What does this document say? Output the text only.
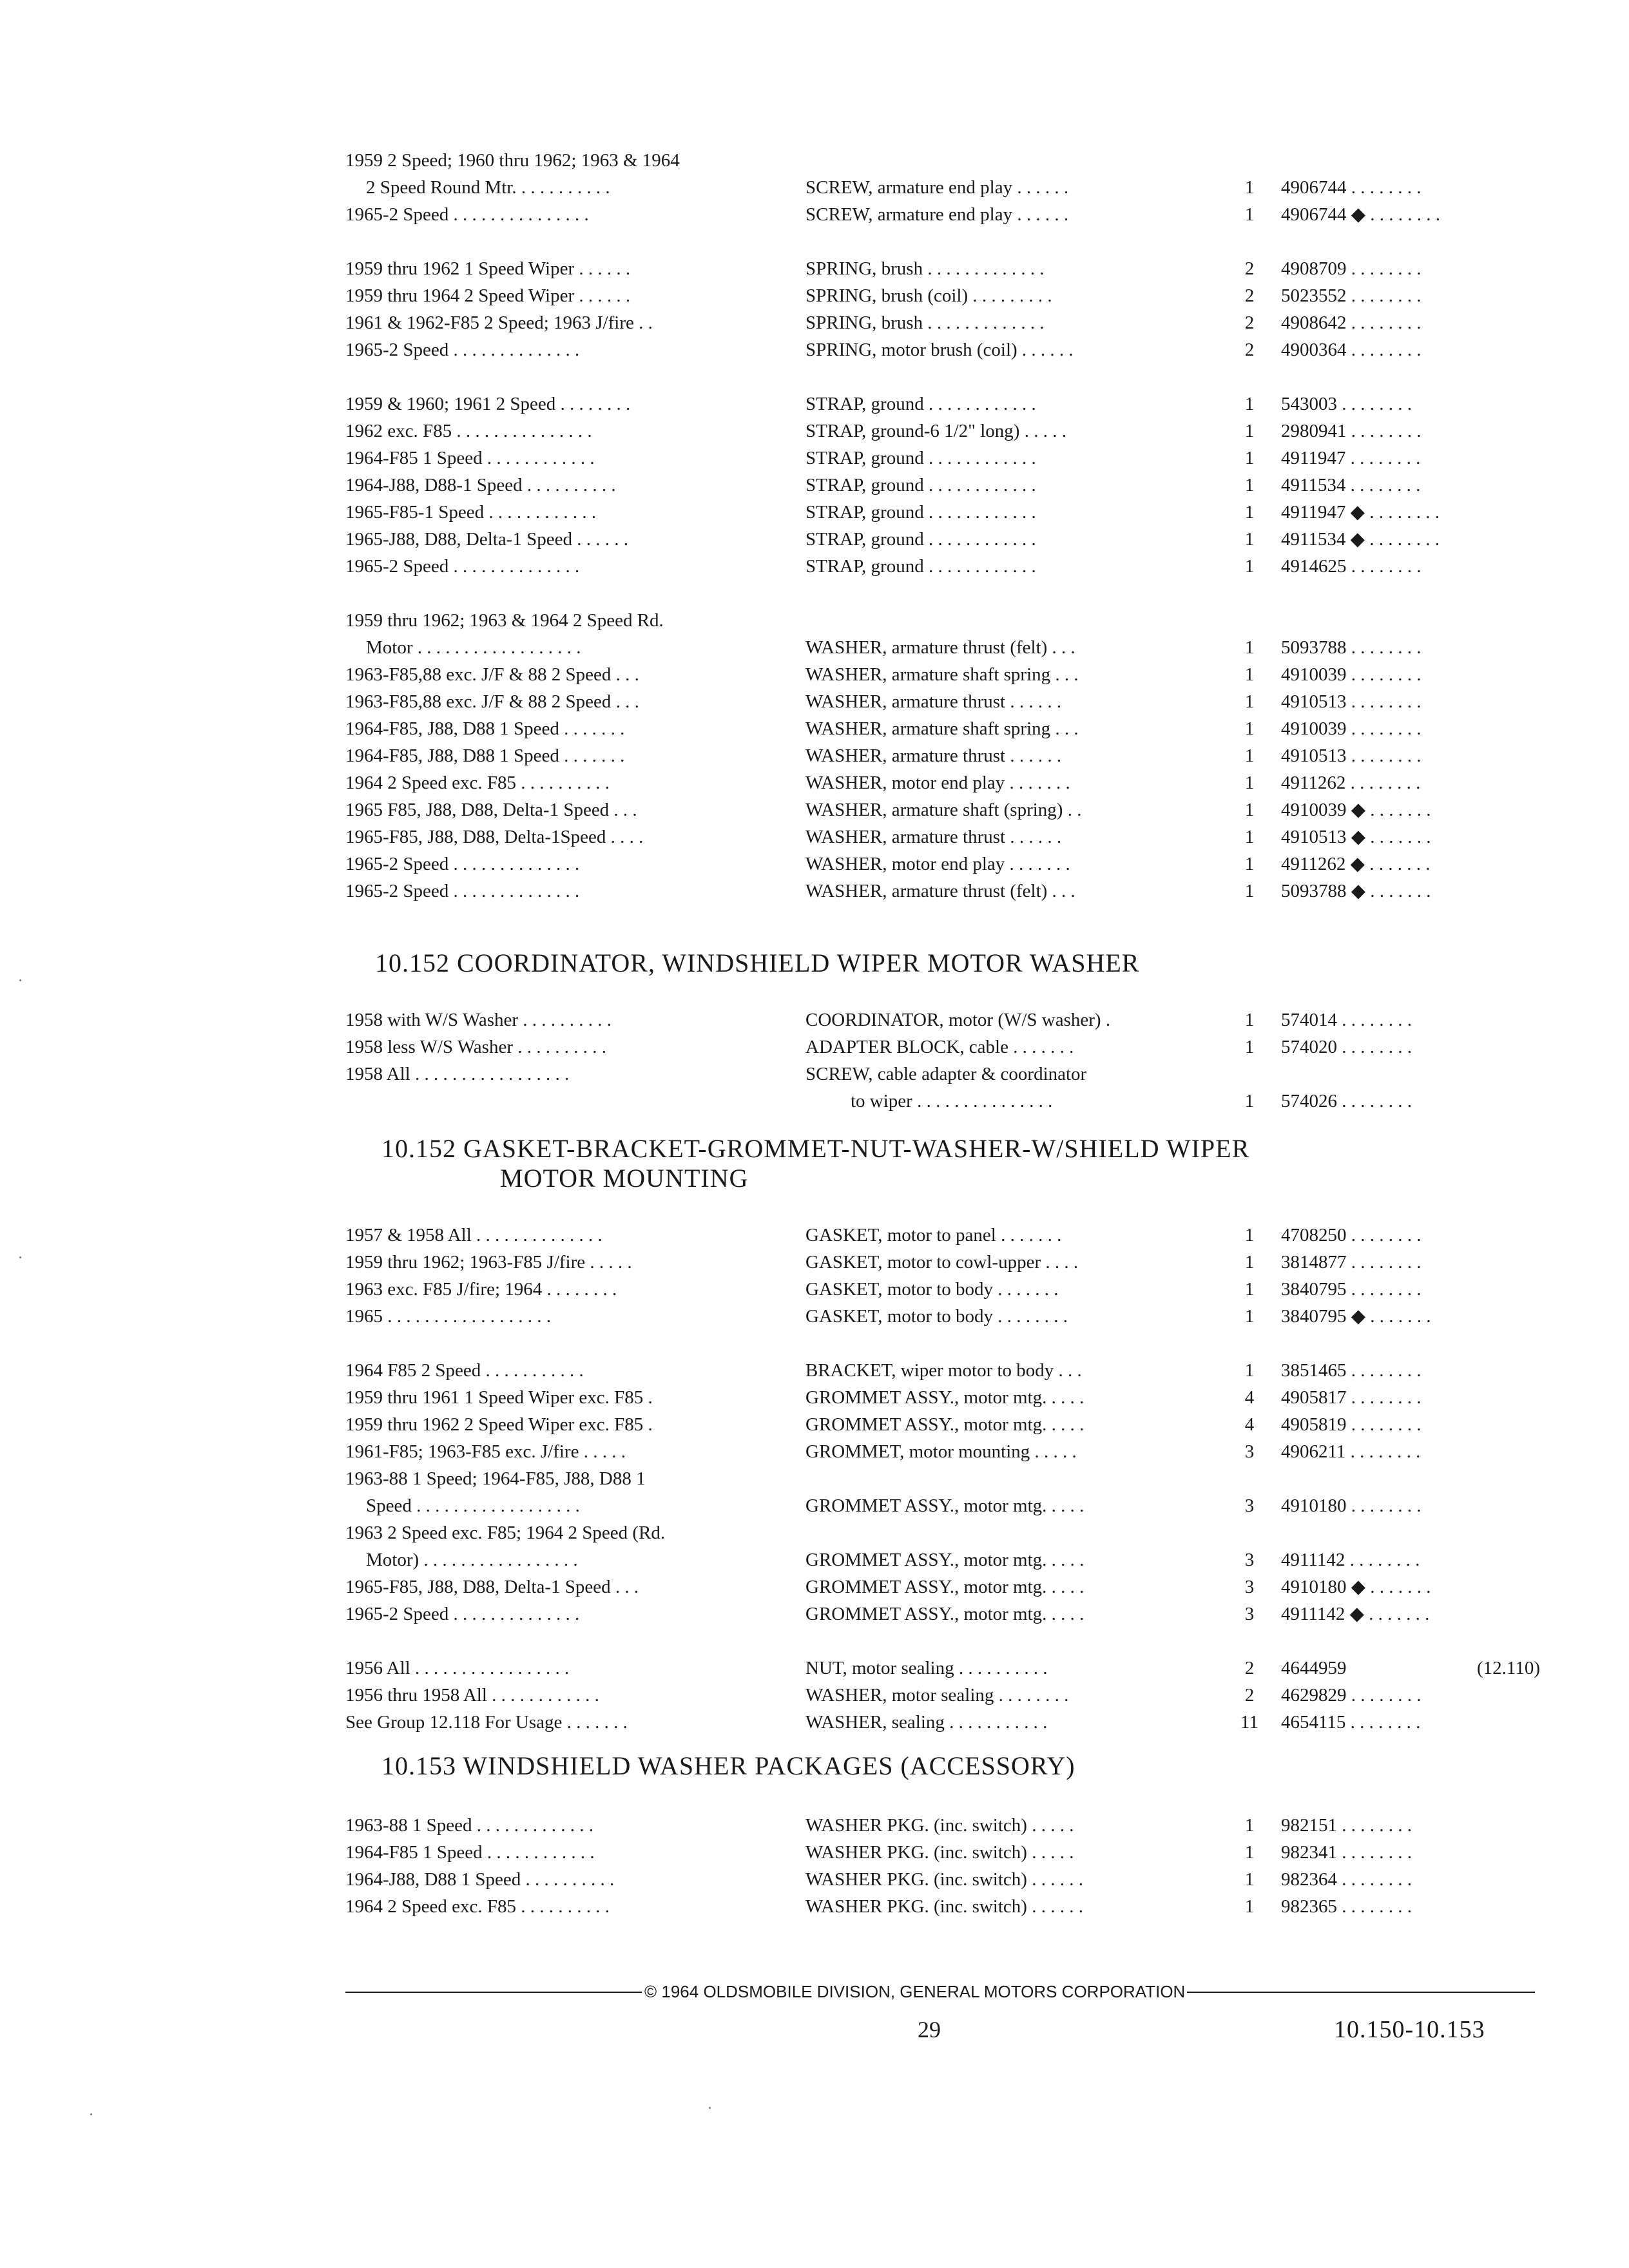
1959 2 Speed; 1960 thru 1962; 1963 & 1964
2 Speed Round Mtr. . . . . . . . . . .	SCREW, armature end play . . . . . .	1	4906744 . . . . . . . .
1965-2 Speed . . . . . . . . . . . . . . .	SCREW, armature end play . . . . . .	1	4906744 ◆ . . . . . . . .
1959 thru 1962 1 Speed Wiper . . . . . .	SPRING, brush . . . . . . . . . . . . .	2	4908709 . . . . . . . .
1959 thru 1964 2 Speed Wiper . . . . . .	SPRING, brush (coil) . . . . . . . . .	2	5023552 . . . . . . . .
1961 & 1962-F85 2 Speed; 1963 J/fire . .	SPRING, brush . . . . . . . . . . . . .	2	4908642 . . . . . . . .
1965-2 Speed . . . . . . . . . . . . . .	SPRING, motor brush (coil) . . . . . .	2	4900364 . . . . . . . .
1959 & 1960; 1961 2 Speed . . . . . . . .	STRAP, ground . . . . . . . . . . . .	1	543003 . . . . . . . .
1962 exc. F85 . . . . . . . . . . . . . . .	STRAP, ground-6 1/2" long) . . . . .	1	2980941 . . . . . . . .
1964-F85 1 Speed . . . . . . . . . . . .	STRAP, ground . . . . . . . . . . . .	1	4911947 . . . . . . . .
1964-J88, D88-1 Speed . . . . . . . . . .	STRAP, ground . . . . . . . . . . . .	1	4911534 . . . . . . . .
1965-F85-1 Speed . . . . . . . . . . . .	STRAP, ground . . . . . . . . . . . .	1	4911947 ◆ . . . . . . . .
1965-J88, D88, Delta-1 Speed . . . . . .	STRAP, ground . . . . . . . . . . . .	1	4911534 ◆ . . . . . . . .
1965-2 Speed . . . . . . . . . . . . . .	STRAP, ground . . . . . . . . . . . .	1	4914625 . . . . . . . .
1959 thru 1962; 1963 & 1964 2 Speed Rd.
Motor . . . . . . . . . . . . . . . . . .	WASHER, armature thrust (felt) . . .	1	5093788 . . . . . . . .
1963-F85,88 exc. J/F & 88 2 Speed . . .	WASHER, armature shaft spring . . .	1	4910039 . . . . . . . .
1963-F85,88 exc. J/F & 88 2 Speed . . .	WASHER, armature thrust . . . . . .	1	4910513 . . . . . . . .
1964-F85, J88, D88 1 Speed . . . . . . .	WASHER, armature shaft spring . . .	1	4910039 . . . . . . . .
1964-F85, J88, D88 1 Speed . . . . . . .	WASHER, armature thrust . . . . . .	1	4910513 . . . . . . . .
1964 2 Speed exc. F85 . . . . . . . . . .	WASHER, motor end play . . . . . . .	1	4911262 . . . . . . . .
1965 F85, J88, D88, Delta-1 Speed . . .	WASHER, armature shaft (spring) . .	1	4910039 ◆ . . . . . . .
1965-F85, J88, D88, Delta-1Speed . . . .	WASHER, armature thrust . . . . . .	1	4910513 ◆ . . . . . . .
1965-2 Speed . . . . . . . . . . . . . .	WASHER, motor end play . . . . . . .	1	4911262 ◆ . . . . . . .
1965-2 Speed . . . . . . . . . . . . . .	WASHER, armature thrust (felt) . . .	1	5093788 ◆ . . . . . . .
10.152 COORDINATOR, WINDSHIELD WIPER MOTOR WASHER
1958 with W/S Washer . . . . . . . . . .	COORDINATOR, motor (W/S washer) .	1	574014 . . . . . . . .
1958 less W/S Washer . . . . . . . . . .	ADAPTER BLOCK, cable . . . . . . .	1	574020 . . . . . . . .
1958 All . . . . . . . . . . . . . . . . .	SCREW, cable adapter & coordinator
to wiper . . . . . . . . . . . . . . .	1	574026 . . . . . . . .
10.152 GASKET-BRACKET-GROMMET-NUT-WASHER-W/SHIELD WIPER
MOTOR MOUNTING
1957 & 1958 All . . . . . . . . . . . . . .	GASKET, motor to panel . . . . . . .	1	4708250 . . . . . . . .
1959 thru 1962; 1963-F85 J/fire . . . . .	GASKET, motor to cowl-upper . . . .	1	3814877 . . . . . . . .
1963 exc. F85 J/fire; 1964 . . . . . . . .	GASKET, motor to body . . . . . . .	1	3840795 . . . . . . . .
1965 . . . . . . . . . . . . . . . . . .	GASKET, motor to body . . . . . . . .	1	3840795 ◆ . . . . . . .
1964 F85 2 Speed . . . . . . . . . . .	BRACKET, wiper motor to body . . .	1	3851465 . . . . . . . .
1959 thru 1961 1 Speed Wiper exc. F85 .	GROMMET ASSY., motor mtg. . . . .	4	4905817 . . . . . . . .
1959 thru 1962 2 Speed Wiper exc. F85 .	GROMMET ASSY., motor mtg. . . . .	4	4905819 . . . . . . . .
1961-F85; 1963-F85 exc. J/fire . . . . .	GROMMET, motor mounting . . . . .	3	4906211 . . . . . . . .
1963-88 1 Speed; 1964-F85, J88, D88 1
Speed . . . . . . . . . . . . . . . . . .	GROMMET ASSY., motor mtg. . . . .	3	4910180 . . . . . . . .
1963 2 Speed exc. F85; 1964 2 Speed (Rd.
Motor) . . . . . . . . . . . . . . . . .	GROMMET ASSY., motor mtg. . . . .	3	4911142 . . . . . . . .
1965-F85, J88, D88, Delta-1 Speed . . .	GROMMET ASSY., motor mtg. . . . .	3	4910180 ◆ . . . . . . .
1965-2 Speed . . . . . . . . . . . . . .	GROMMET ASSY., motor mtg. . . . .	3	4911142 ◆ . . . . . . .
1956 All . . . . . . . . . . . . . . . . .	NUT, motor sealing . . . . . . . . . .	2	4644959	(12.110)
1956 thru 1958 All . . . . . . . . . . . .	WASHER, motor sealing . . . . . . . .	2	4629829 . . . . . . . .
See Group 12.118 For Usage . . . . . . .	WASHER, sealing . . . . . . . . . . .	11	4654115 . . . . . . . .
10.153 WINDSHIELD WASHER PACKAGES (ACCESSORY)
1963-88 1 Speed . . . . . . . . . . . . .	WASHER PKG. (inc. switch) . . . . .	1	982151 . . . . . . . .
1964-F85 1 Speed . . . . . . . . . . . .	WASHER PKG. (inc. switch) . . . . .	1	982341 . . . . . . . .
1964-J88, D88 1 Speed . . . . . . . . . .	WASHER PKG. (inc. switch) . . . . . .	1	982364 . . . . . . . .
1964 2 Speed exc. F85 . . . . . . . . . .	WASHER PKG. (inc. switch) . . . . . .	1	982365 . . . . . . . .
© 1964 OLDSMOBILE DIVISION, GENERAL MOTORS CORPORATION
29	10.150-10.153
